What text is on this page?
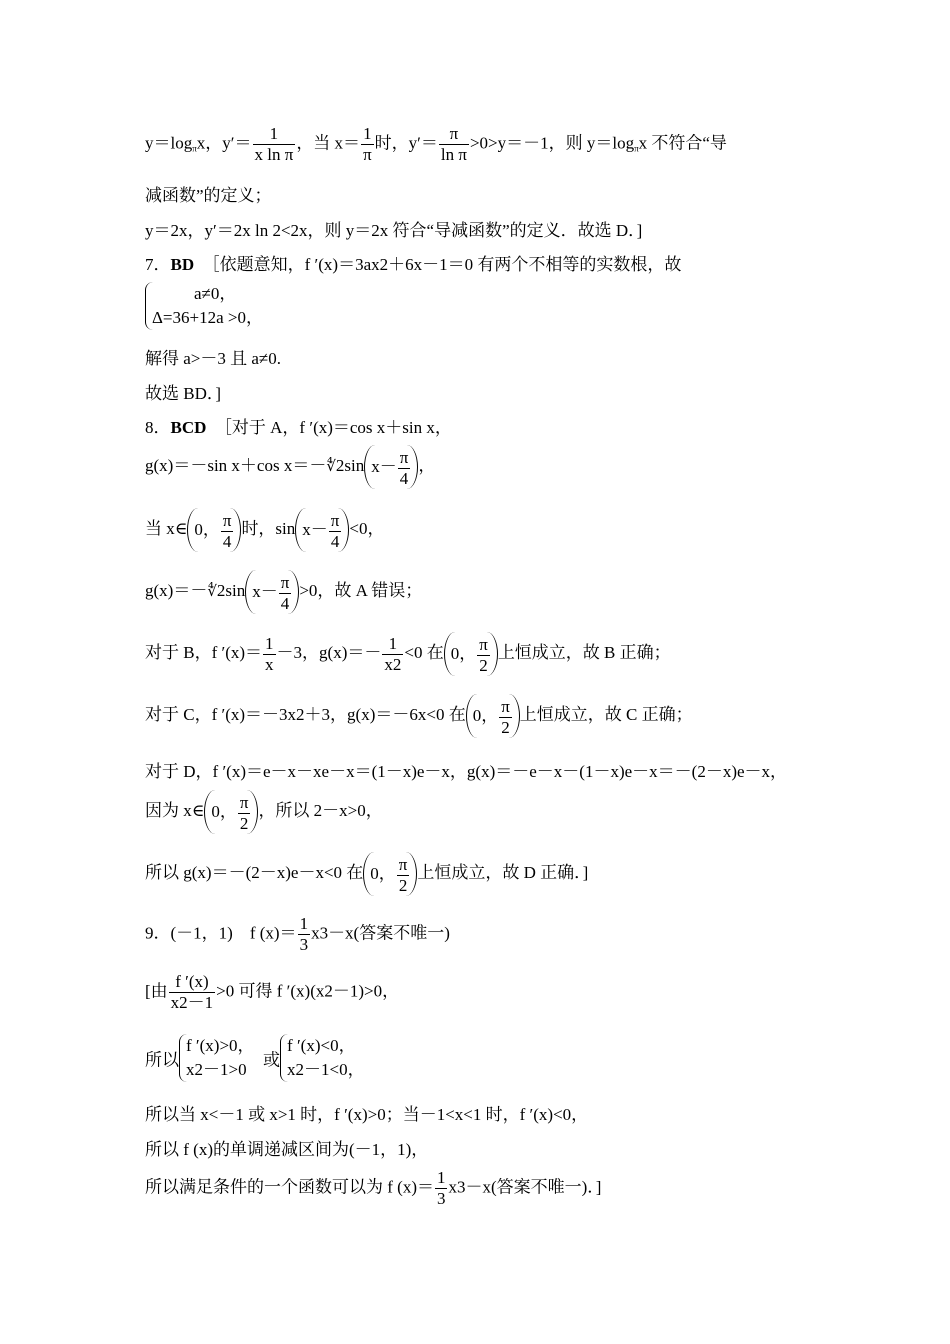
$y=\log_\pi x$，$y'= \frac{1}{\text{x ln π}}$ ，当 $x= \frac{1}{\pi}$ 时，$y'= \frac{\pi}{\text{ln π}} >0>y=-1$，则 $y=\log_\pi x$ 不符合“导
减函数”的定义；
y＝2x，y′＝2x ln 2<2x，则 y＝2x 符合“导减函数”的定义．故选 D．]
7．BD ［依题意知，f ′(x)＝3ax2＋6x－1＝0 有两个不相等的实数根，故
a≠0，
Δ=36+12a >0，
解得 a>－3 且 a≠0.
故选 BD．]
8．BCD ［对于 A，f ′(x)＝cos x＋sin x，
g(x)＝－sin x＋cos x＝－∜2sin $x- \frac{\pi}{4}$ ，
当 x∈ 0， $\frac{\pi}{4}$ 时，$\sin x- \frac{\pi}{4} <0$，
g(x)＝－∜2sin $x- \frac{\pi}{4} >0$，故 A 错误；
对于 B，f $'(x)= \frac{1}{x} -3$，$g(x)=- \frac{1}{x2} <0$ 在 0， $\frac{\pi}{2}$ 上恒成立，故 B 正确；
对于 C，f ′(x)＝－3x2＋3，g(x)＝－6x<0 在 0， $\frac{\pi}{2}$ 上恒成立，故 C 正确；
对于 D，f ′(x)＝e－x－xe－x＝(1－x)e－x，g(x)＝－e－x－(1－x)e－x＝－(2－x)e－x，
因为 x∈ 0， $\frac{\pi}{2}$ ，所以 2－x>0，
所以 g(x)＝－(2－x)e－x<0 在 0， $\frac{\pi}{2}$ 上恒成立，故 D 正确．]
9．(－1，1)　f $(x)= \frac{1}{3} x3-x$(答案不唯一)
[由 $\frac{f '(x)}{x2-1} >0$ 可得 f ′(x)(x2－1)>0，
所以
f ′(x)>0，
x2－1>0 或
f ′(x)<0，
x2－1<0，
所以当 x<－1 或 x>1 时，f ′(x)>0；当－1<x<1 时，f ′(x)<0，
所以 f (x)的单调递减区间为(－1，1)，
所以满足条件的一个函数可以为 f $(x)= \frac{1}{3} x3-x$(答案不唯一)．]
